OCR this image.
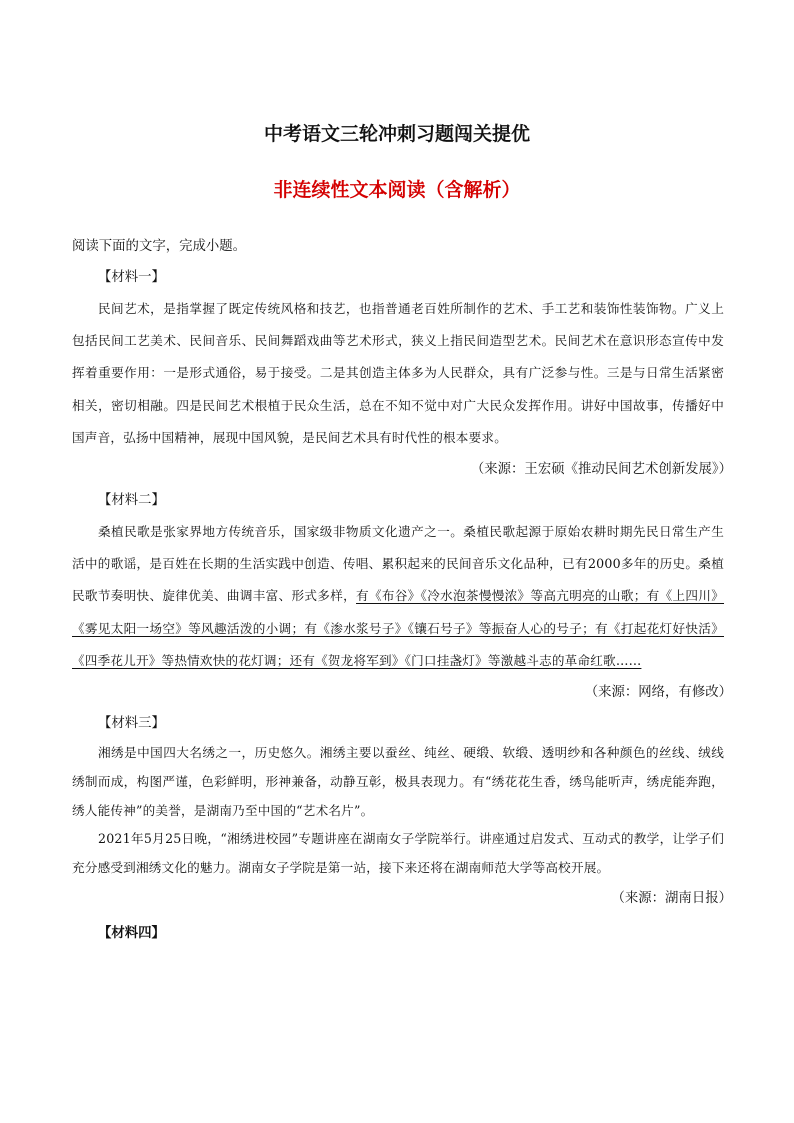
中考语文三轮冲刺习题闯关提优
非连续性文本阅读（含解析）

阅读下面的文字，完成小题。

【材料一】

民间艺术，是指掌握了既定传统风格和技艺，也指普通老百姓所制作的艺术、手工艺和装饰性装饰物。广义上包括民间工艺美术、民间音乐、民间舞蹈戏曲等艺术形式，狭义上指民间造型艺术。民间艺术在意识形态宣传中发挥着重要作用：一是形式通俗，易于接受。二是其创造主体多为人民群众，具有广泛参与性。三是与日常生活紧密相关，密切相融。四是民间艺术根植于民众生活，总在不知不觉中对广大民众发挥作用。讲好中国故事，传播好中国声音，弘扬中国精神，展现中国风貌，是民间艺术具有时代性的根本要求。

（来源：王宏硕《推动民间艺术创新发展》）

【材料二】

桑植民歌是张家界地方传统音乐，国家级非物质文化遗产之一。桑植民歌起源于原始农耕时期先民日常生产生活中的歌谣，是百姓在长期的生活实践中创造、传唱、累积起来的民间音乐文化品种，已有2000多年的历史。桑植民歌节奏明快、旋律优美、曲调丰富、形式多样，有《布谷》《冷水泡茶慢慢浓》等高亢明亮的山歌；有《上四川》《雾见太阳一场空》等风趣活泼的小调；有《渗水浆号子》《镶石号子》等振奋人心的号子；有《打起花灯好快活》《四季花儿开》等热情欢快的花灯调；还有《贺龙将军到》《门口挂盏灯》等激越斗志的革命红歌……

（来源：网络，有修改）

【材料三】

湘绣是中国四大名绣之一，历史悠久。湘绣主要以蚕丝、纯丝、硬缎、软缎、透明纱和各种颜色的丝线、绒线绣制而成，构图严谨，色彩鲜明，形神兼备，动静互彰，极具表现力。有“绣花花生香，绣鸟能听声，绣虎能奔跑，绣人能传神”的美誉，是湖南乃至中国的“艺术名片”。

2021年5月25日晚，“湘绣进校园”专题讲座在湖南女子学院举行。讲座通过启发式、互动式的教学，让学子们充分感受到湘绣文化的魅力。湖南女子学院是第一站，接下来还将在湖南师范大学等高校开展。

（来源：湖南日报）

【材料四】
